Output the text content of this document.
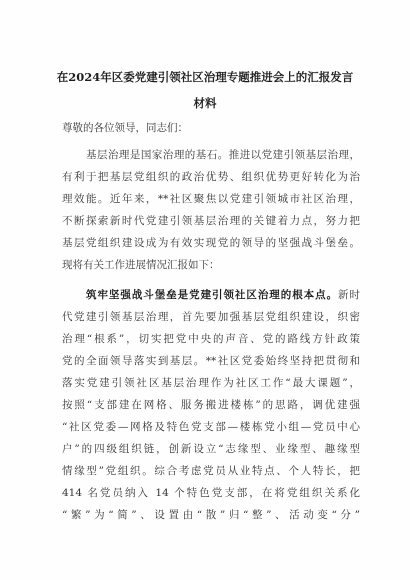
在2024年区委党建引领社区治理专题推进会上的汇报发言
材料
尊敬的各位领导，同志们：
基层治理是国家治理的基石。推进以党建引领基层治理，
有利于把基层党组织的政治优势、组织优势更好转化为治
理效能。近年来，**社区聚焦以党建引领城市社区治理，
不断探索新时代党建引领基层治理的关键着力点，努力把
基层党组织建设成为有效实现党的领导的坚强战斗堡垒。
现将有关工作进展情况汇报如下：
筑牢坚强战斗堡垒是党建引领社区治理的根本点。新时
代党建引领基层治理，首先要加强基层党组织建设，织密
治理“根系”，切实把党中央的声音、党的路线方针政策
党的全面领导落实到基层。**社区党委始终坚持把贯彻和
落实党建引领社区基层治理作为社区工作“最大课题”，
按照“支部建在网格、服务搬进楼栋”的思路，调优建强
“社区党委—网格及特色党支部—楼栋党小组—党员中心
户”的四级组织链，创新设立“志缘型、业缘型、趣缘型
情缘型”党组织。综合考虑党员从业特点、个人特长，把
414 名党员纳入 14 个特色党支部，在将党组织关系化
“繁”为“简”、设置由“散”归“整”、活动变“分”
